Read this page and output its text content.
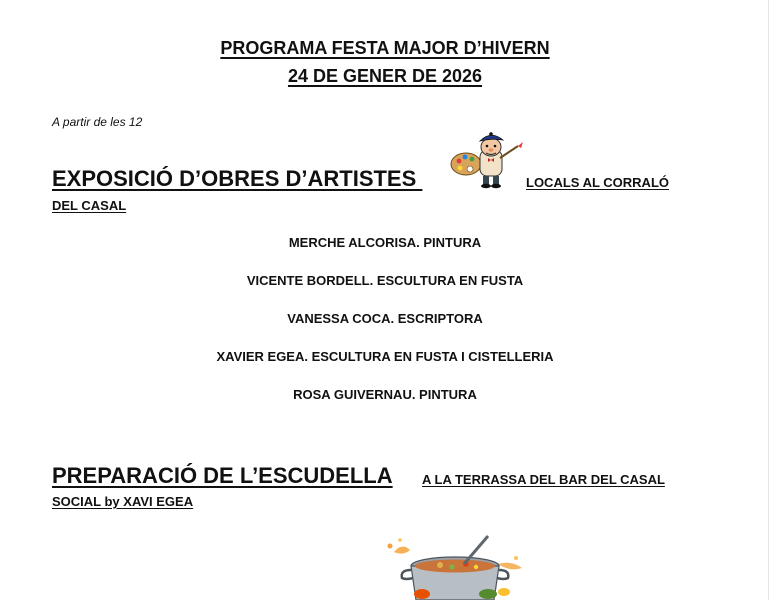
PROGRAMA FESTA MAJOR D’HIVERN
24 DE GENER DE 2026
A partir de les 12
EXPOSICIÓ D’OBRES D’ARTISTES	LOCALS AL CORRALÓ
DEL CASAL
MERCHE ALCORISA. PINTURA
VICENTE BORDELL. ESCULTURA EN FUSTA
VANESSA COCA. ESCRIPTORA
XAVIER EGEA. ESCULTURA EN FUSTA I CISTELLERIA
ROSA GUIVERNAU. PINTURA
PREPARACIÓ DE L’ESCUDELLA A LA TERRASSA DEL BAR DEL CASAL
SOCIAL by XAVI EGEA
